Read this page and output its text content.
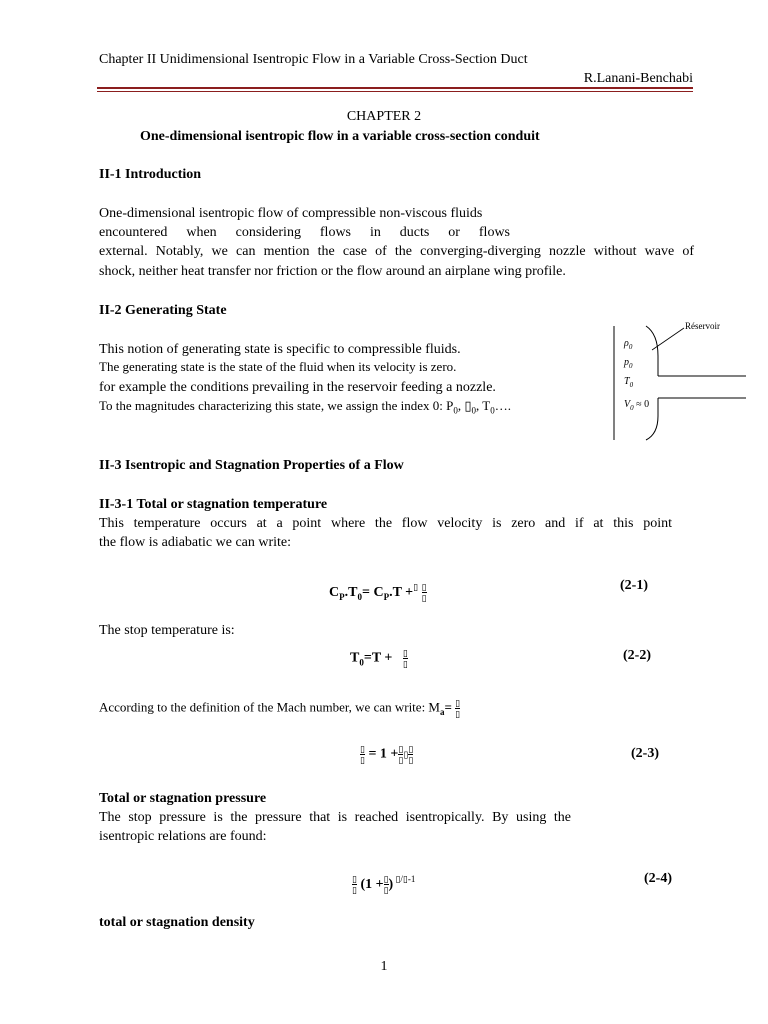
Chapter II Unidimensional Isentropic Flow in a Variable Cross-Section Duct
R.Lanani-Benchabi
CHAPTER 2
One-dimensional isentropic flow in a variable cross-section conduit
II-1 Introduction
One-dimensional isentropic flow of compressible non-viscous fluids
encountered when considering flows in ducts or flows
external. Notably, we can mention the case of the converging-diverging nozzle without wave of
shock, neither heat transfer nor friction or the flow around an airplane wing profile.
II-2 Generating State
This notion of generating state is specific to compressible fluids.
The generating state is the state of the fluid when its velocity is zero.
for example the conditions prevailing in the reservoir feeding a nozzle.
To the magnitudes characterizing this state, we assign the index 0: $P_0$, $▯_0$, $T_0\dots$.
Réservoir
$\rho_0$
$p_0$
$T_0$
$V_0 \approx 0$
II-3 Isentropic and Stagnation Properties of a Flow
II-3-1 Total or stagnation temperature
This temperature occurs at a point where the flow velocity is zero and if at this point
the flow is adiabatic we can write:
$C_P.T_0= C_P.T +^▯ \frac{▯}{▯}$	(2-1)
The stop temperature is:
$T_0=T + \frac{▯}{▯}$	(2-2)
According to the definition of the Mach number, we can write: $M_a= \frac{▯}{▯}$
$\frac{▯}{▯} = 1 + \frac{▯}{▯}$ ▯ $\frac{▯}{▯}$	(2-3)
Total or stagnation pressure
The stop pressure is the pressure that is reached isentropically. By using the
isentropic relations are found:
$\frac{▯}{▯} (1 + \frac{▯}{▯}$ ) $^{▯/▯-1}$	(2-4)
total or stagnation density
1
